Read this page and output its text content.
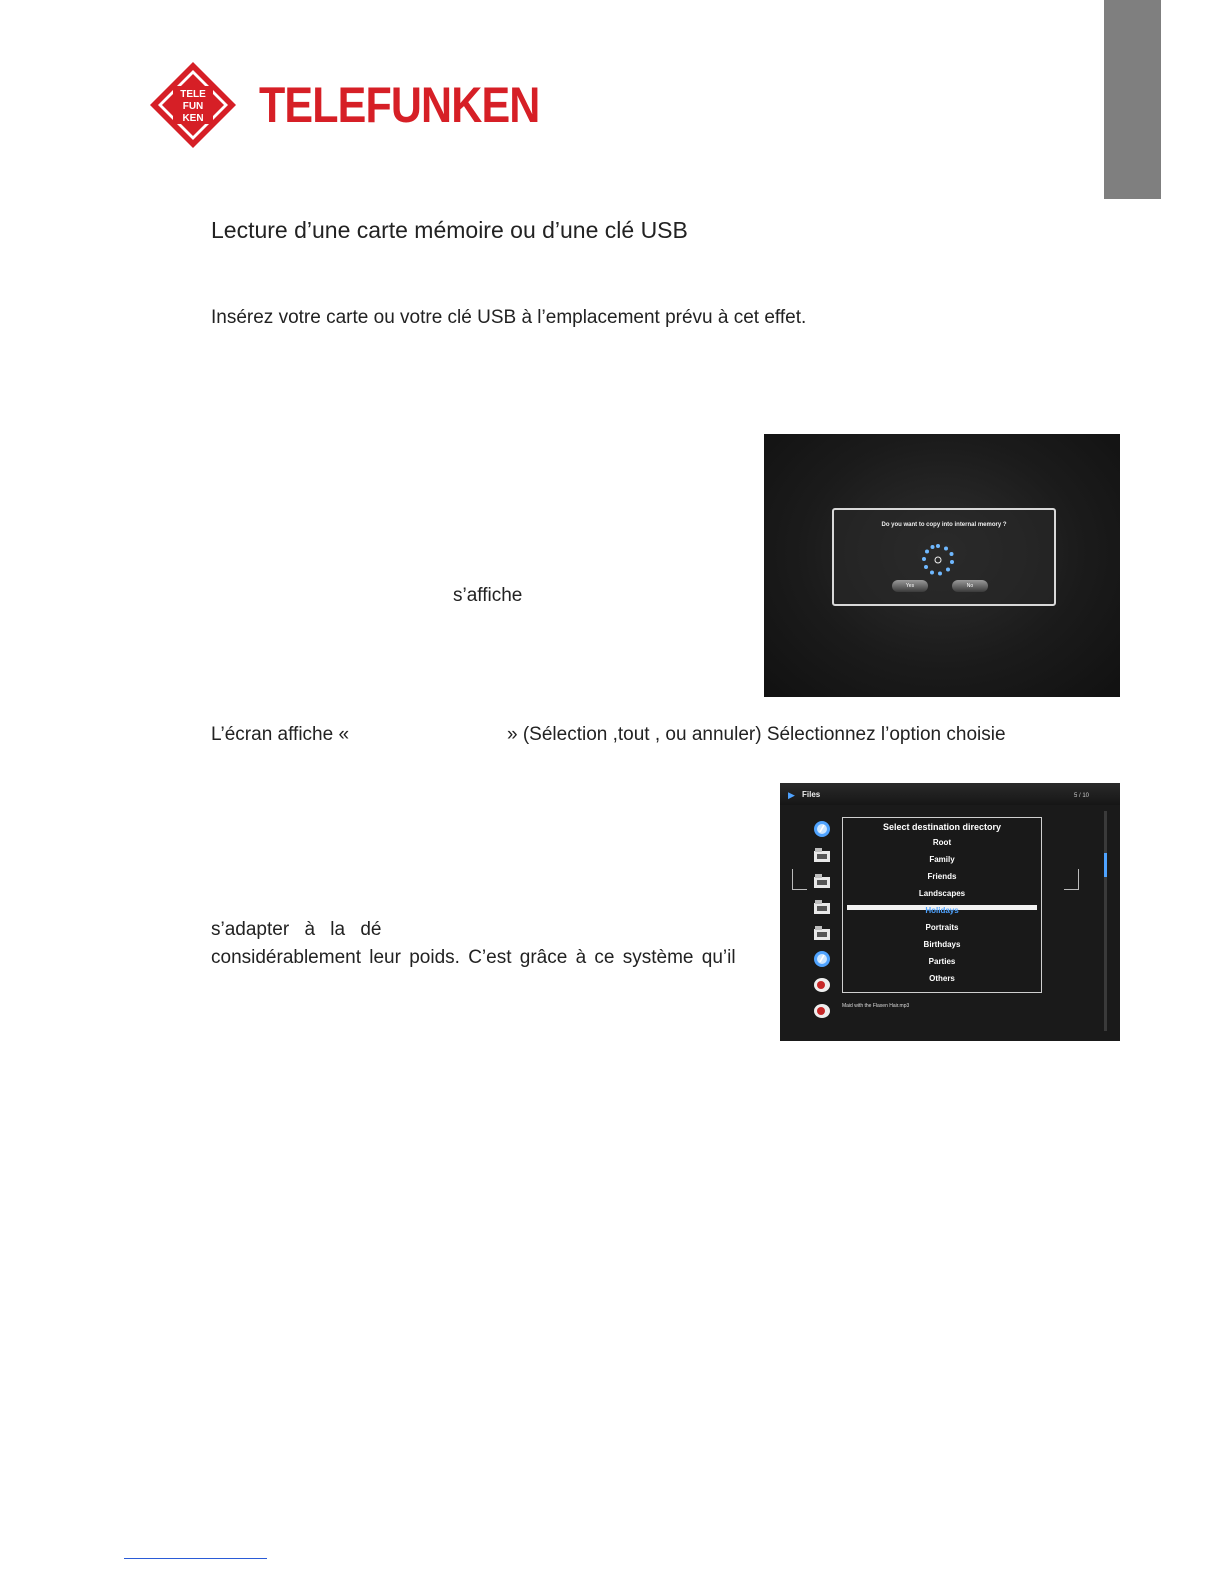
TELE
FUN
KEN TELEFUNKEN
Lecture d’une carte mémoire ou d’une clé USB
Insérez votre carte ou votre clé USB à l’emplacement prévu à cet effet.
s’affiche
L’écran affiche «	» (Sélection ,tout , ou annuler) Sélectionnez l’option choisie
s’adapter à la dé
considérablement leur poids. C’est grâce à ce système qu’il
Do you want to copy into internal memory ?
Yes	No
▶ Files	5 / 10
Select destination directory
Root
Family
Friends
Landscapes
Holidays
Portraits
Birthdays
Parties
Others
Maid with the Flaxen Hair.mp3
